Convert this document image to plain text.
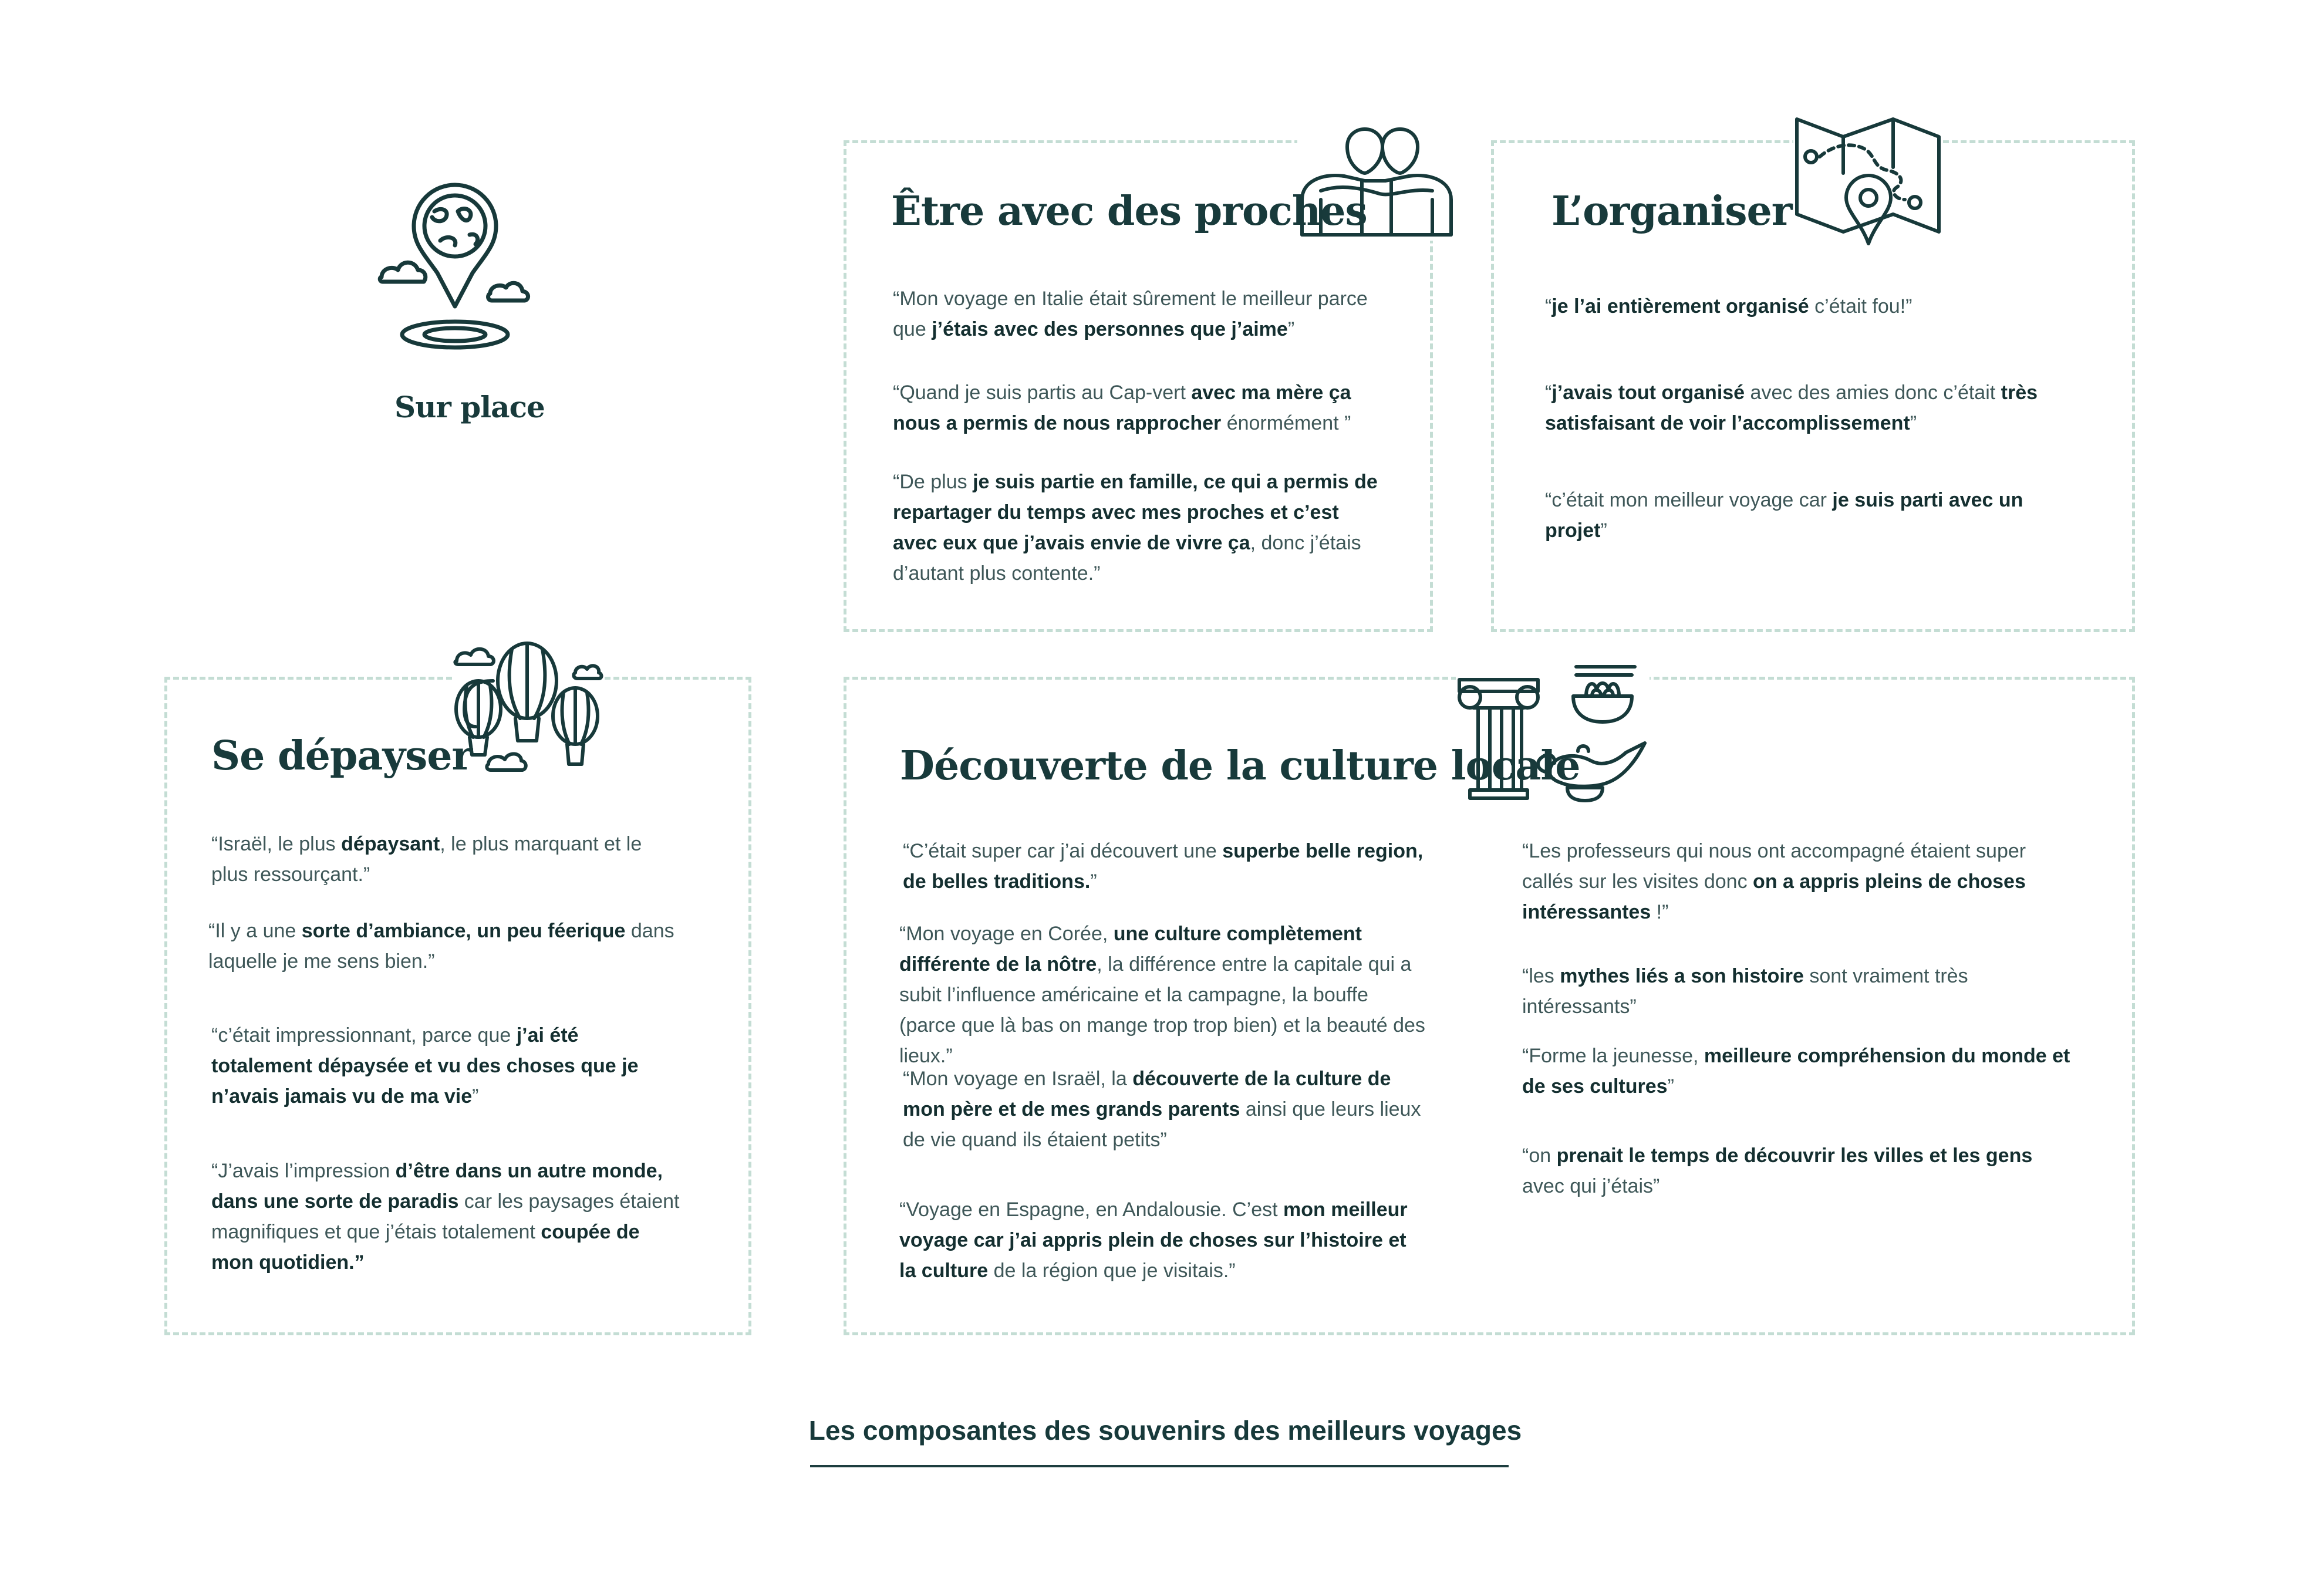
Sur place
Être avec des proches

“Mon voyage en Italie était sûrement le meilleur parce que j’étais avec des personnes que j’aime”

“Quand je suis partis au Cap-vert avec ma mère ça nous a permis de nous rapprocher énormément ”

“De plus je suis partie en famille, ce qui a permis de repartager du temps avec mes proches et c’est avec eux que j’avais envie de vivre ça, donc j’étais d’autant plus contente.”

L’organiser

“je l’ai entièrement organisé c’était fou!”

“j’avais tout organisé avec des amies donc c’était très satisfaisant de voir l’accomplissement”

“c’était mon meilleur voyage car je suis parti avec un projet”

Se dépayser

“Israël, le plus dépaysant, le plus marquant et le plus ressourçant.”

“Il y a une sorte d’ambiance, un peu féerique dans laquelle je me sens bien.”

“c’était impressionnant, parce que j’ai été totalement dépaysée et vu des choses que je n’avais jamais vu de ma vie”

“J’avais l’impression d’être dans un autre monde, dans une sorte de paradis car les paysages étaient magnifiques et que j’étais totalement coupée de mon quotidien.”

Découverte de la culture locale

“C’était super car j’ai découvert une superbe belle region, de belles traditions.”

“Mon voyage en Corée, une culture complètement différente de la nôtre, la différence entre la capitale qui a subit l’influence américaine et la campagne, la bouffe (parce que là bas on mange trop trop bien) et la beauté des lieux.”

“Mon voyage en Israël, la découverte de la culture de mon père et de mes grands parents ainsi que leurs lieux de vie quand ils étaient petits”

“Voyage en Espagne, en Andalousie. C’est mon meilleur voyage car j’ai appris plein de choses sur l’histoire et la culture de la région que je visitais.”

“Les professeurs qui nous ont accompagné étaient super callés sur les visites donc on a appris pleins de choses intéressantes !”

“les mythes liés a son histoire sont vraiment très intéressants”

“Forme la jeunesse, meilleure compréhension du monde et de ses cultures”

“on prenait le temps de découvrir les villes et les gens avec qui j’étais”

Les composantes des souvenirs des meilleurs voyages
